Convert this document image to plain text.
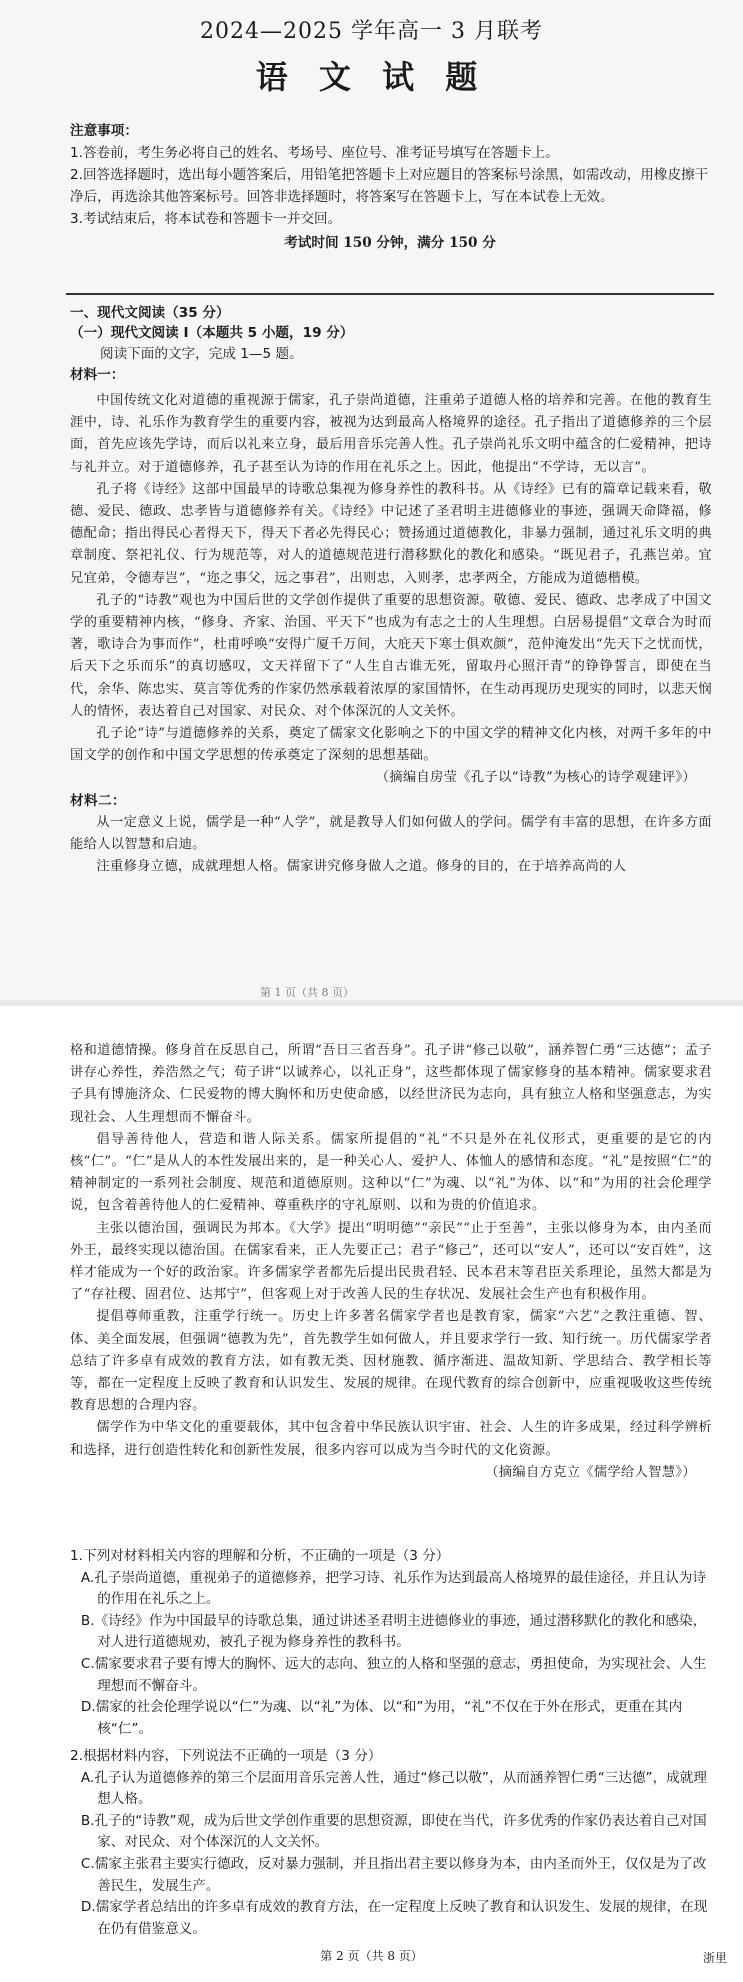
2024—2025 学年高一 3 月联考
语 文 试 题
注意事项：
1.答卷前，考生务必将自己的姓名、考场号、座位号、准考证号填写在答题卡上。
2.回答选择题时，选出每小题答案后，用铅笔把答题卡上对应题目的答案标号涂黑，如需改动，用橡皮擦干净后，再选涂其他答案标号。回答非选择题时，将答案写在答题卡上，写在本试卷上无效。
3.考试结束后，将本试卷和答题卡一并交回。
考试时间 150 分钟，满分 150 分
一、现代文阅读（35 分）
（一）现代文阅读 Ⅰ（本题共 5 小题，19 分）
阅读下面的文字，完成 1—5 题。
材料一：

中国传统文化对道德的重视源于儒家，孔子崇尚道德，注重弟子道德人格的培养和完善。在他的教育生涯中，诗、礼乐作为教育学生的重要内容，被视为达到最高人格境界的途径。孔子指出了道德修养的三个层面，首先应该先学诗，而后以礼来立身，最后用音乐完善人性。孔子崇尚礼乐文明中蕴含的仁爱精神，把诗与礼并立。对于道德修养，孔子甚至认为诗的作用在礼乐之上。因此，他提出“不学诗，无以言”。

孔子将《诗经》这部中国最早的诗歌总集视为修身养性的教科书。从《诗经》已有的篇章记载来看，敬德、爱民、德政、忠孝皆与道德修养有关。《诗经》中记述了圣君明主进德修业的事迹，强调天命降福，修德配命；指出得民心者得天下，得天下者必先得民心；赞扬通过道德教化，非暴力强制，通过礼乐文明的典章制度、祭祀礼仪、行为规范等，对人的道德规范进行潜移默化的教化和感染。“既见君子，孔燕岂弟。宜兄宜弟，令德寿岂”，“迩之事父，远之事君”，出则忠，入则孝，忠孝两全，方能成为道德楷模。

孔子的“诗教”观也为中国后世的文学创作提供了重要的思想资源。敬德、爱民、德政、忠孝成了中国文学的重要精神内核，“修身、齐家、治国、平天下”也成为有志之士的人生理想。白居易提倡“文章合为时而著，歌诗合为事而作”，杜甫呼唤“安得广厦千万间，大庇天下寒士俱欢颜”，范仲淹发出“先天下之忧而忧，后天下之乐而乐”的真切感叹，文天祥留下了“人生自古谁无死，留取丹心照汗青”的铮铮誓言，即使在当代，余华、陈忠实、莫言等优秀的作家仍然承载着浓厚的家国情怀，在生动再现历史现实的同时，以悲天悯人的情怀，表达着自己对国家、对民众、对个体深沉的人文关怀。

孔子论“诗”与道德修养的关系，奠定了儒家文化影响之下的中国文学的精神文化内核，对两千多年的中国文学的创作和中国文学思想的传承奠定了深刻的思想基础。

（摘编自房莹《孔子以“诗教”为核心的诗学观建评》）

材料二：

从一定意义上说，儒学是一种“人学”，就是教导人们如何做人的学问。儒学有丰富的思想，在许多方面能给人以智慧和启迪。

注重修身立德，成就理想人格。儒家讲究修身做人之道。修身的目的，在于培养高尚的人

第 1 页（共 8 页）

格和道德情操。修身首在反思自己，所谓“吾日三省吾身”。孔子讲“修己以敬”，涵养智仁勇“三达德”；孟子讲存心养性，养浩然之气；荀子讲“以诚养心，以礼正身”，这些都体现了儒家修身的基本精神。儒家要求君子具有博施济众、仁民爱物的博大胸怀和历史使命感，以经世济民为志向，具有独立人格和坚强意志，为实现社会、人生理想而不懈奋斗。

倡导善待他人，营造和谐人际关系。儒家所提倡的“礼”不只是外在礼仪形式，更重要的是它的内核“仁”。“仁”是从人的本性发展出来的，是一种关心人、爱护人、体恤人的感情和态度。“礼”是按照“仁”的精神制定的一系列社会制度、规范和道德原则。这种以“仁”为魂、以“礼”为体、以“和”为用的社会伦理学说，包含着善待他人的仁爱精神、尊重秩序的守礼原则、以和为贵的价值追求。

主张以德治国，强调民为邦本。《大学》提出“明明德”“亲民”“止于至善”，主张以修身为本，由内圣而外王，最终实现以德治国。在儒家看来，正人先要正己；君子“修己”，还可以“安人”，还可以“安百姓”，这样才能成为一个好的政治家。许多儒家学者都先后提出民贵君轻、民本君末等君臣关系理论，虽然大都是为了“存社稷、固君位、达邦宁”，但客观上对于改善人民的生存状况、发展社会生产也有积极作用。

提倡尊师重教，注重学行统一。历史上许多著名儒家学者也是教育家，儒家“六艺”之教注重德、智、体、美全面发展，但强调“德教为先”，首先教学生如何做人，并且要求学行一致、知行统一。历代儒家学者总结了许多卓有成效的教育方法，如有教无类、因材施教、循序渐进、温故知新、学思结合、教学相长等等，都在一定程度上反映了教育和认识发生、发展的规律。在现代教育的综合创新中，应重视吸收这些传统教育思想的合理内容。

儒学作为中华文化的重要载体，其中包含着中华民族认识宇宙、社会、人生的许多成果，经过科学辨析和选择，进行创造性转化和创新性发展，很多内容可以成为当今时代的文化资源。

（摘编自方克立《儒学给人智慧》）

1.下列对材料相关内容的理解和分析，不正确的一项是（3 分）

A.孔子崇尚道德，重视弟子的道德修养，把学习诗、礼乐作为达到最高人格境界的最佳途径，并且认为诗的作用在礼乐之上。

B.《诗经》作为中国最早的诗歌总集，通过讲述圣君明主进德修业的事迹，通过潜移默化的教化和感染，对人进行道德规劝，被孔子视为修身养性的教科书。

C.儒家要求君子要有博大的胸怀、远大的志向、独立的人格和坚强的意志，勇担使命，为实现社会、人生理想而不懈奋斗。

D.儒家的社会伦理学说以“仁”为魂、以“礼”为体、以“和”为用，“礼”不仅在于外在形式，更重在其内核“仁”。

2.根据材料内容，下列说法不正确的一项是（3 分）

A.孔子认为道德修养的第三个层面用音乐完善人性，通过“修己以敬”，从而涵养智仁勇“三达德”，成就理想人格。

B.孔子的“诗教”观，成为后世文学创作重要的思想资源，即使在当代，许多优秀的作家仍表达着自己对国家、对民众、对个体深沉的人文关怀。

C.儒家主张君主要实行德政，反对暴力强制，并且指出君主要以修身为本，由内圣而外王，仅仅是为了改善民生，发展生产。

D.儒家学者总结出的许多卓有成效的教育方法，在一定程度上反映了教育和认识发生、发展的规律，在现在仍有借鉴意义。

第 2 页（共 8 页）	浙里
